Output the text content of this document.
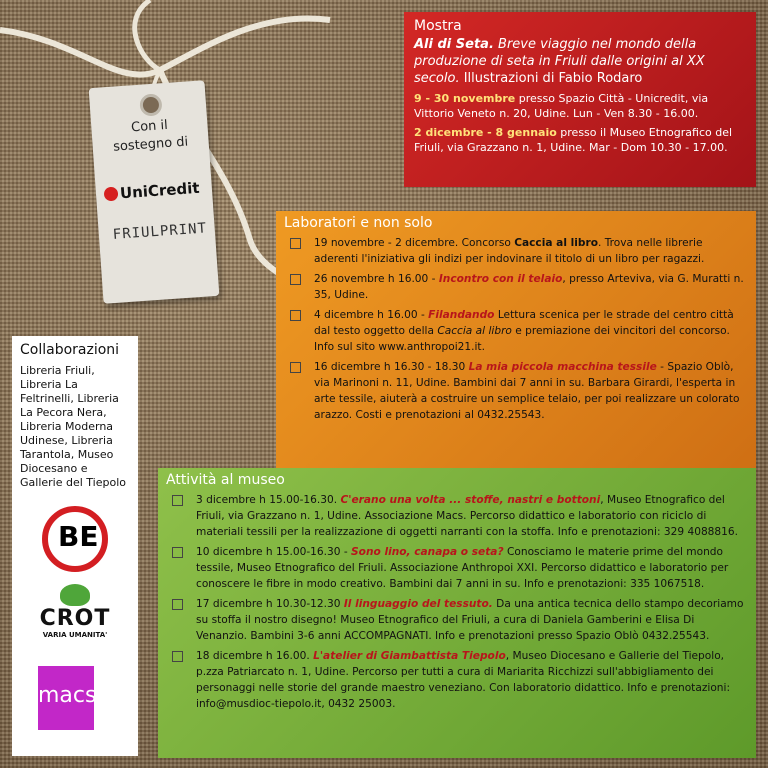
Con il
sostegno di
UniCredit
FRIULPRINT
Mostra
Ali di Seta. Breve viaggio nel mondo della produzione di seta in Friuli dalle origini al XX secolo. Illustrazioni di Fabio Rodaro
9 - 30 novembre presso Spazio Città - Unicredit, via Vittorio Veneto n. 20, Udine. Lun - Ven 8.30 - 16.00.
2 dicembre - 8 gennaio presso il Museo Etnografico del Friuli, via Grazzano n. 1, Udine. Mar - Dom 10.30 - 17.00.
Laboratori e non solo
19 novembre - 2 dicembre. Concorso Caccia al libro. Trova nelle librerie aderenti l'iniziativa gli indizi per indovinare il titolo di un libro per ragazzi.
26 novembre h 16.00 - Incontro con il telaio, presso Arteviva, via G. Muratti n. 35, Udine.
4 dicembre h 16.00 - Filandando Lettura scenica per le strade del centro città dal testo oggetto della Caccia al libro e premiazione dei vincitori del concorso. Info sul sito www.anthropoi21.it.
16 dicembre h 16.30 - 18.30 La mia piccola macchina tessile - Spazio Oblò, via Marinoni n. 11, Udine. Bambini dai 7 anni in su. Barbara Girardi, l'esperta in arte tessile, aiuterà a costruire un semplice telaio, per poi realizzare un colorato arazzo. Costi e prenotazioni al 0432.25543.
Attività al museo
3 dicembre h 15.00-16.30. C'erano una volta ... stoffe, nastri e bottoni, Museo Etnografico del Friuli, via Grazzano n. 1, Udine. Associazione Macs. Percorso didattico e laboratorio con riciclo di materiali tessili per la realizzazione di oggetti narranti con la stoffa. Info e prenotazioni: 329 4088816.
10 dicembre h 15.00-16.30 - Sono lino, canapa o seta? Conosciamo le materie prime del mondo tessile, Museo Etnografico del Friuli. Associazione Anthropoi XXI. Percorso didattico e laboratorio per conoscere le fibre in modo creativo. Bambini dai 7 anni in su. Info e prenotazioni: 335 1067518.
17 dicembre h 10.30-12.30 Il linguaggio del tessuto. Da una antica tecnica dello stampo decoriamo su stoffa il nostro disegno! Museo Etnografico del Friuli, a cura di Daniela Gamberini e Elisa Di Venanzio. Bambini 3-6 anni ACCOMPAGNATI. Info e prenotazioni presso Spazio Oblò 0432.25543.
18 dicembre h 16.00. L'atelier di Giambattista Tiepolo, Museo Diocesano e Gallerie del Tiepolo, p.zza Patriarcato n. 1, Udine. Percorso per tutti a cura di Mariarita Ricchizzi sull'abbigliamento dei personaggi nelle storie del grande maestro veneziano. Con laboratorio didattico. Info e prenotazioni: info@musdioc-tiepolo.it, 0432 25003.
Collaborazioni
Libreria Friuli, Libreria La Feltrinelli, Libreria La Pecora Nera, Libreria Moderna Udinese, Libreria Tarantola, Museo Diocesano e Gallerie del Tiepolo
BE
CROT
VARIA UMANITA'
macs
